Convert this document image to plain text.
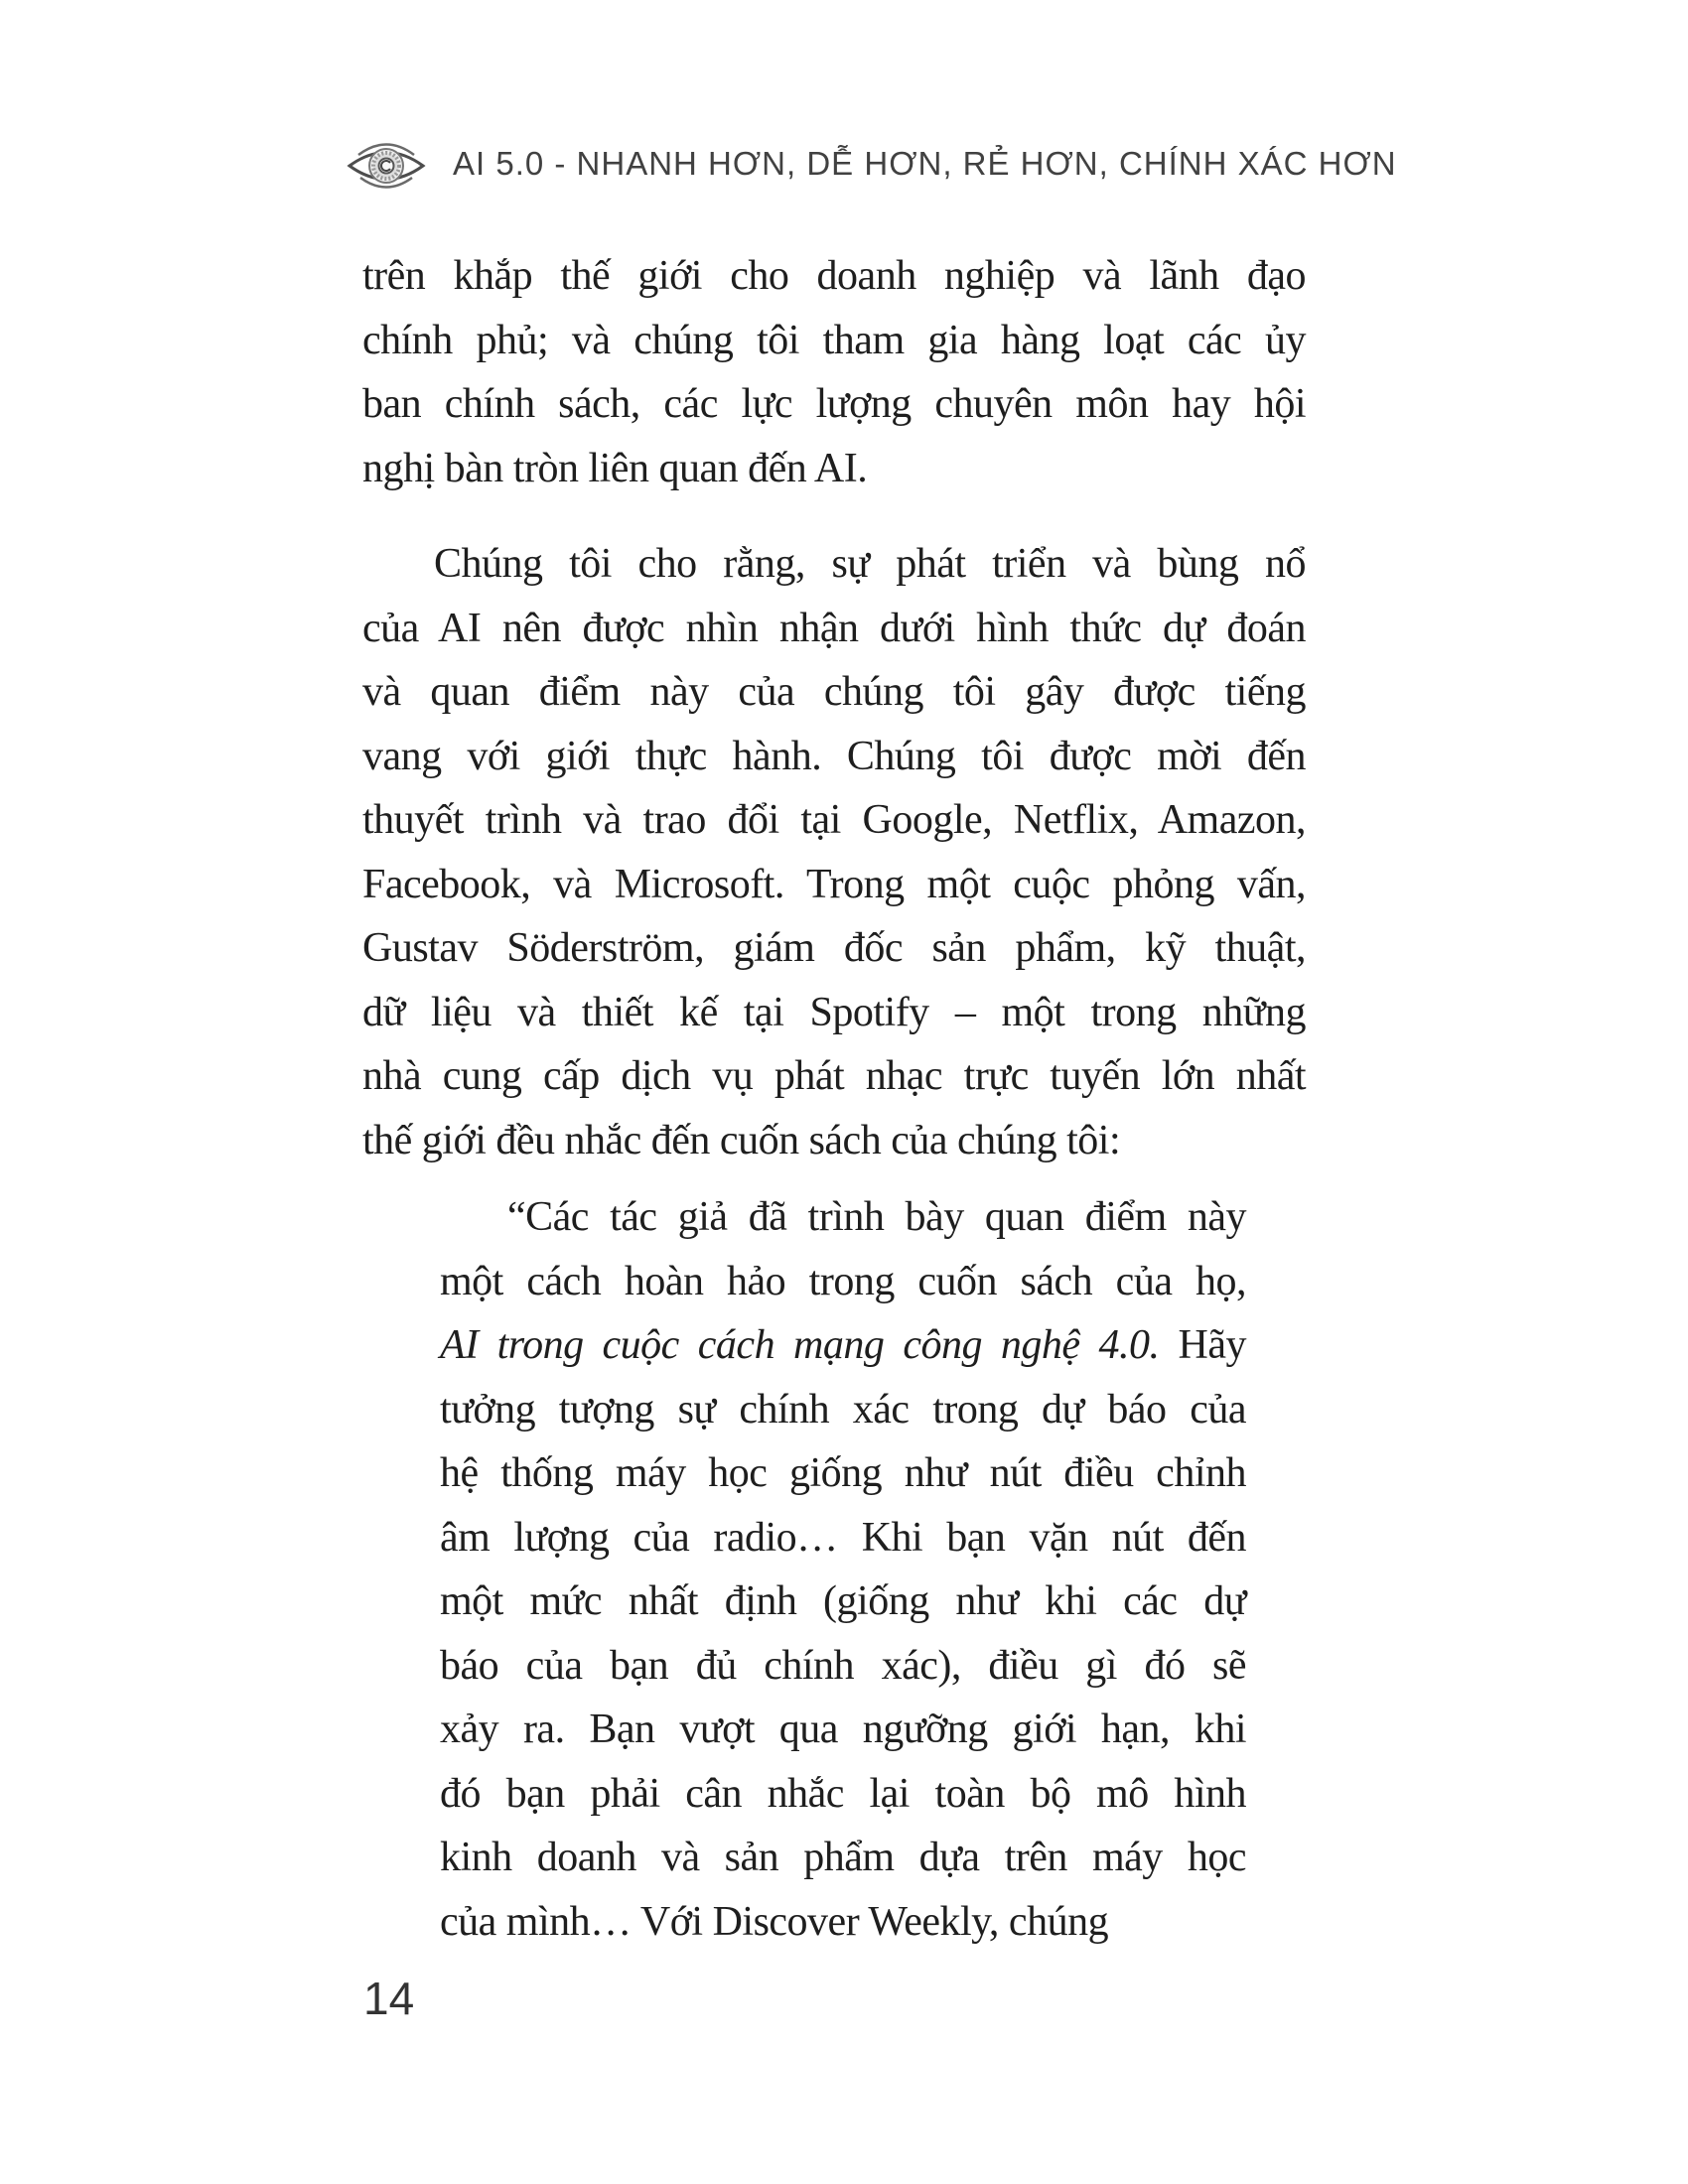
AI 5.0 - NHANH HƠN, DỄ HƠN, RẺ HƠN, CHÍNH XÁC HƠN
trên khắp thế giới cho doanh nghiệp và lãnh đạo
chính phủ; và chúng tôi tham gia hàng loạt các ủy
ban chính sách, các lực lượng chuyên môn hay hội
nghị bàn tròn liên quan đến AI.
Chúng tôi cho rằng, sự phát triển và bùng nổ
của AI nên được nhìn nhận dưới hình thức dự đoán
và quan điểm này của chúng tôi gây được tiếng
vang với giới thực hành. Chúng tôi được mời đến
thuyết trình và trao đổi tại Google, Netflix, Amazon,
Facebook, và Microsoft. Trong một cuộc phỏng vấn,
Gustav Söderström, giám đốc sản phẩm, kỹ thuật,
dữ liệu và thiết kế tại Spotify – một trong những
nhà cung cấp dịch vụ phát nhạc trực tuyến lớn nhất
thế giới đều nhắc đến cuốn sách của chúng tôi:
“Các tác giả đã trình bày quan điểm này
một cách hoàn hảo trong cuốn sách của họ,
AI trong cuộc cách mạng công nghệ 4.0. Hãy
tưởng tượng sự chính xác trong dự báo của
hệ thống máy học giống như nút điều chỉnh
âm lượng của radio… Khi bạn vặn nút đến
một mức nhất định (giống như khi các dự
báo của bạn đủ chính xác), điều gì đó sẽ
xảy ra. Bạn vượt qua ngưỡng giới hạn, khi
đó bạn phải cân nhắc lại toàn bộ mô hình
kinh doanh và sản phẩm dựa trên máy học
của mình… Với Discover Weekly, chúng
14
